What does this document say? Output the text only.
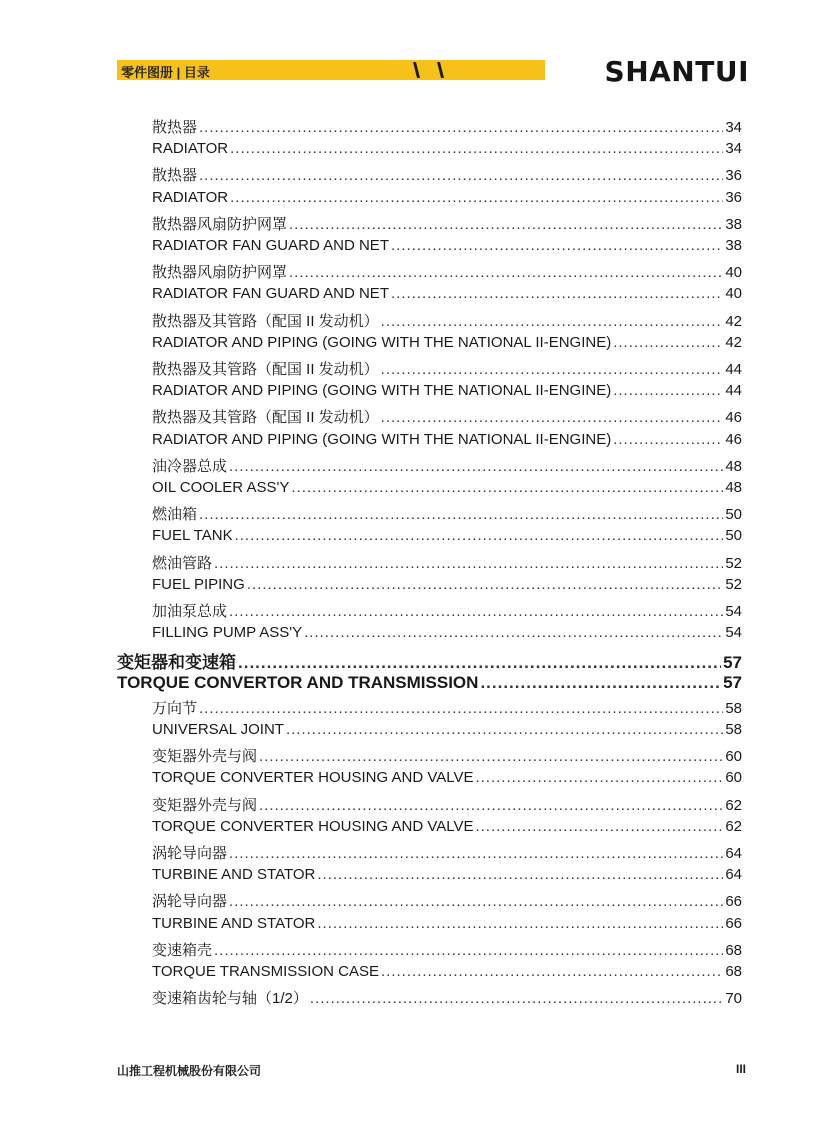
零件图册 | 目录	SHANTUI
散热器 .....	34
RADIATOR .....	34
散热器 .....	36
RADIATOR .....	36
散热器风扇防护网罩 .....	38
RADIATOR FAN GUARD AND NET .....	38
散热器风扇防护网罩 .....	40
RADIATOR FAN GUARD AND NET .....	40
散热器及其管路（配国 II 发动机） .....	42
RADIATOR AND PIPING (GOING WITH THE NATIONAL II-ENGINE) .....	42
散热器及其管路（配国 II 发动机） .....	44
RADIATOR AND PIPING (GOING WITH THE NATIONAL II-ENGINE) .....	44
散热器及其管路（配国 II 发动机） .....	46
RADIATOR AND PIPING (GOING WITH THE NATIONAL II-ENGINE) .....	46
油冷器总成 .....	48
OIL COOLER ASS'Y .....	48
燃油箱 .....	50
FUEL TANK .....	50
燃油管路 .....	52
FUEL PIPING .....	52
加油泵总成 .....	54
FILLING PUMP ASS'Y .....	54
变矩器和变速箱 .....	57
TORQUE CONVERTOR AND TRANSMISSION .....	57
万向节 .....	58
UNIVERSAL JOINT .....	58
变矩器外壳与阀 .....	60
TORQUE CONVERTER HOUSING AND VALVE .....	60
变矩器外壳与阀 .....	62
TORQUE CONVERTER HOUSING AND VALVE .....	62
涡轮导向器 .....	64
TURBINE AND STATOR .....	64
涡轮导向器 .....	66
TURBINE AND STATOR .....	66
变速箱壳 .....	68
TORQUE TRANSMISSION CASE .....	68
变速箱齿轮与轴（1/2） .....	70
山推工程机械股份有限公司	III
